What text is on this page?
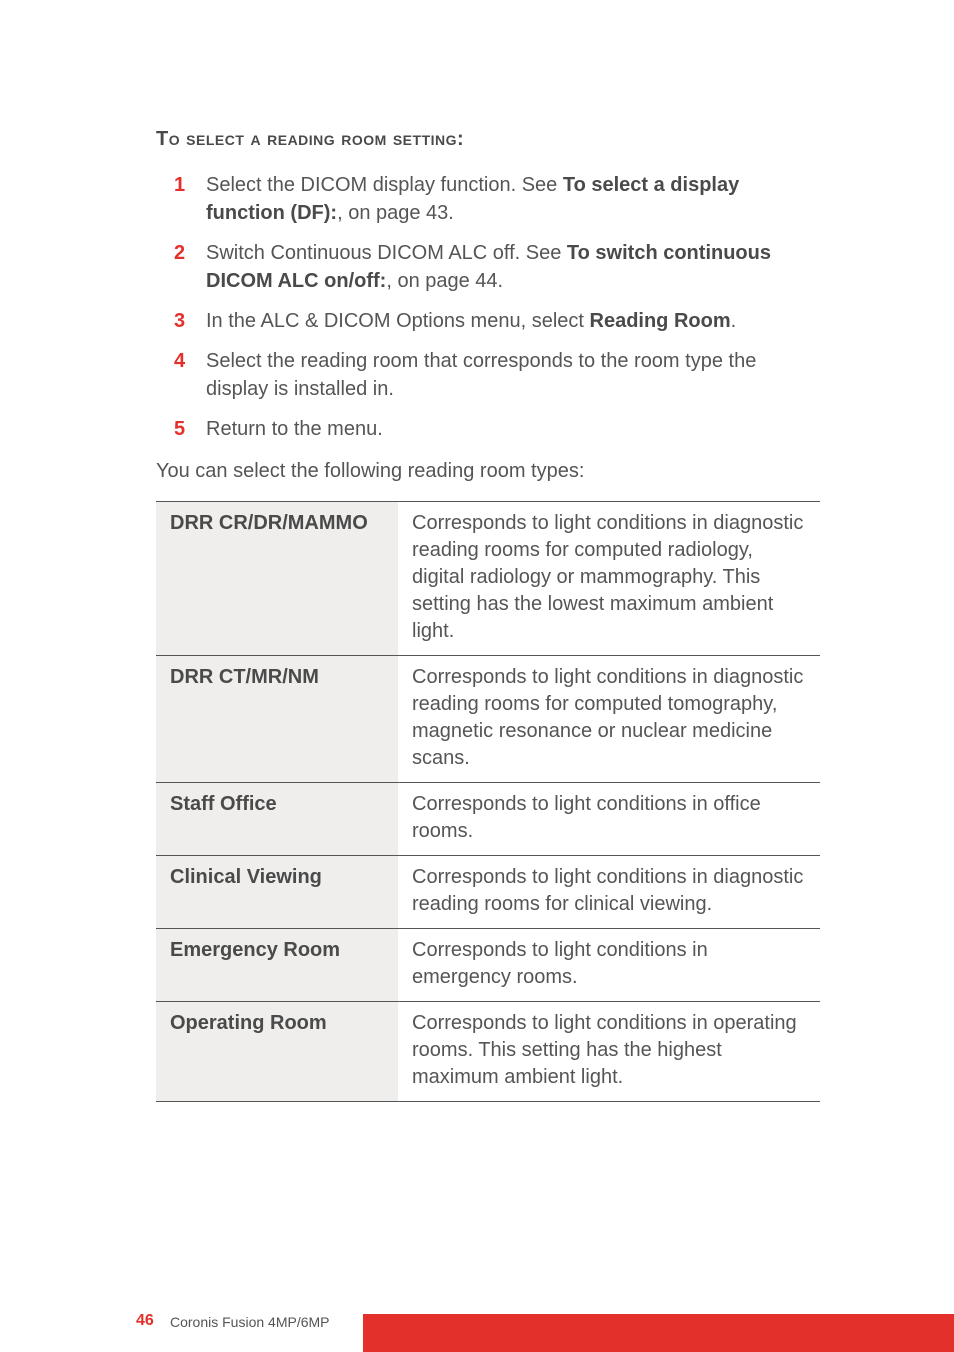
To select a reading room setting:
1	Select the DICOM display function. See To select a display function (DF):, on page 43.
2	Switch Continuous DICOM ALC off. See To switch continuous DICOM ALC on/off:, on page 44.
3	In the ALC & DICOM Options menu, select Reading Room.
4	Select the reading room that corresponds to the room type the display is installed in.
5	Return to the menu.

You can select the following reading room types:

DRR CR/DR/MAMMO	Corresponds to light conditions in diagnostic reading rooms for computed radiology, digital radiology or mammography. This setting has the lowest maximum ambient light.
DRR CT/MR/NM	Corresponds to light conditions in diagnostic reading rooms for computed tomography, magnetic resonance or nuclear medicine scans.
Staff Office	Corresponds to light conditions in office rooms.
Clinical Viewing	Corresponds to light conditions in diagnostic reading rooms for clinical viewing.
Emergency Room	Corresponds to light conditions in emergency rooms.
Operating Room	Corresponds to light conditions in operating rooms. This setting has the highest maximum ambient light.
46 Coronis Fusion 4MP/6MP
